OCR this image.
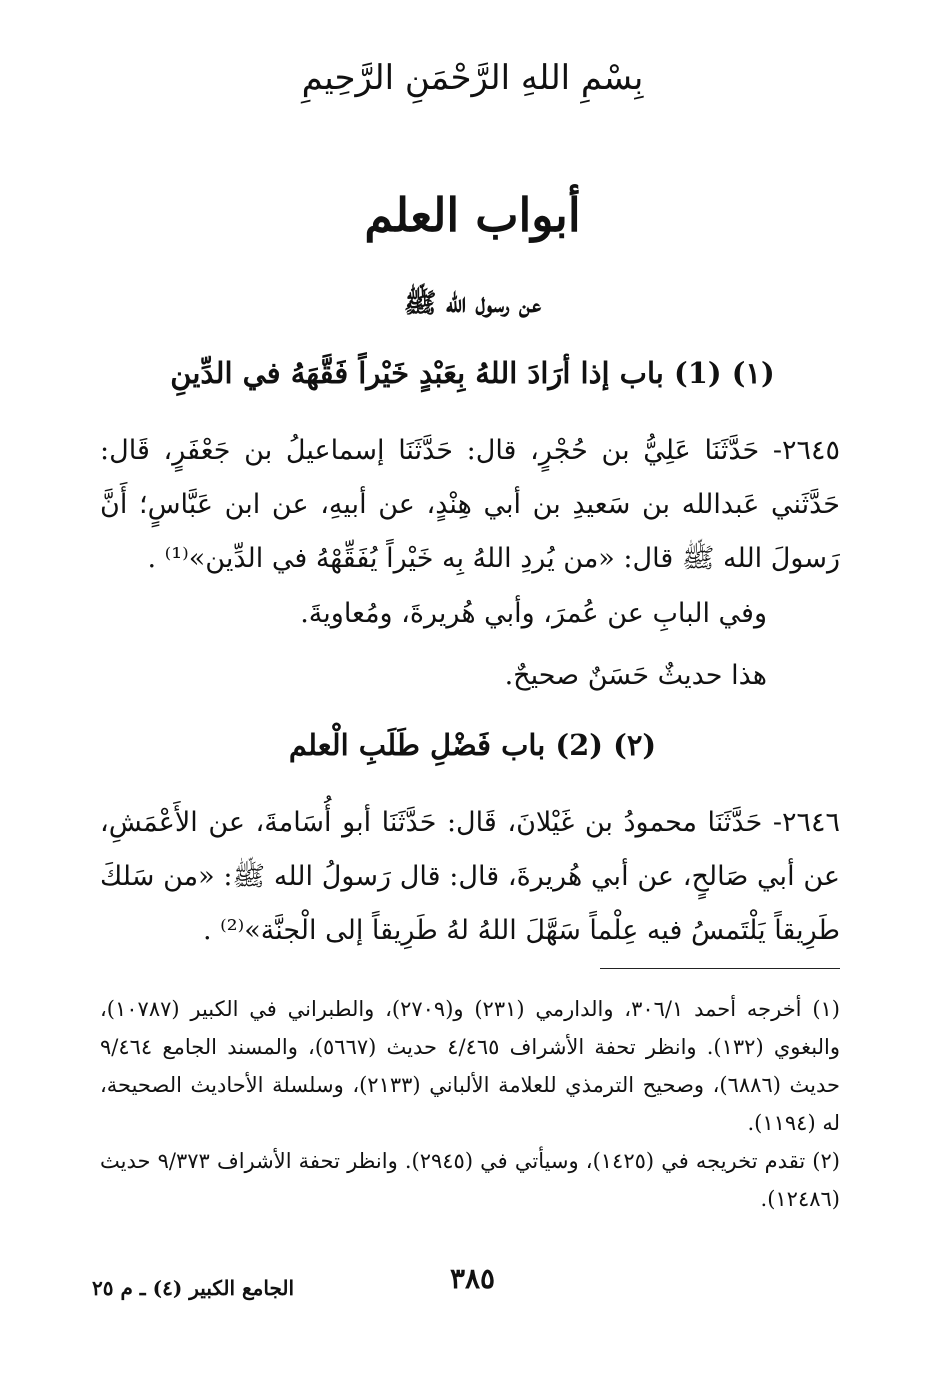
بِسْمِ اللهِ الرَّحْمَنِ الرَّحِيمِ
أبواب العلم
عن رسول الله ﷺ
(١) (1) باب إذا أرَادَ اللهُ بِعَبْدٍ خَيْراً فَقَّهَهُ في الدِّينِ
٢٦٤٥- حَدَّثَنَا عَلِيُّ بن حُجْرٍ، قال: حَدَّثَنَا إسماعيلُ بن جَعْفَرٍ، قَال: حَدَّثَني عَبدالله بن سَعيدِ بن أبي هِنْدٍ، عن أبيهِ، عن ابن عَبَّاسٍ؛ أَنَّ رَسولَ الله ﷺ قال: «من يُردِ اللهُ بِه خَيْراً يُفَقِّهْهُ في الدِّين»⁽¹⁾ .
وفي البابِ عن عُمرَ، وأبي هُريرةَ، ومُعاويةَ.
هذا حديثٌ حَسَنٌ صحيحٌ.
(٢) (2) باب فَضْلِ طَلَبِ الْعلم
٢٦٤٦- حَدَّثَنَا محمودُ بن غَيْلانَ، قَال: حَدَّثَنَا أبو أُسَامةَ، عن الأَعْمَشِ، عن أبي صَالحٍ، عن أبي هُريرةَ، قال: قال رَسولُ الله ﷺ: «من سَلكَ طَرِيقاً يَلْتَمسُ فيه عِلْماً سَهَّلَ اللهُ لهُ طَرِيقاً إلى الْجنَّة»⁽²⁾ .

(١) أخرجه أحمد ٣٠٦/١، والدارمي (٢٣١) و(٢٧٠٩)، والطبراني في الكبير (١٠٧٨٧)، والبغوي (١٣٢). وانظر تحفة الأشراف ٤/٤٦٥ حديث (٥٦٦٧)، والمسند الجامع ٩/٤٦٤ حديث (٦٨٨٦)، وصحيح الترمذي للعلامة الألباني (٢١٣٣)، وسلسلة الأحاديث الصحيحة، له (١١٩٤).

(٢) تقدم تخريجه في (١٤٢٥)، وسيأتي في (٢٩٤٥). وانظر تحفة الأشراف ٩/٣٧٣ حديث (١٢٤٨٦).

٣٨٥
الجامع الكبير (٤) ـ م ٢٥
